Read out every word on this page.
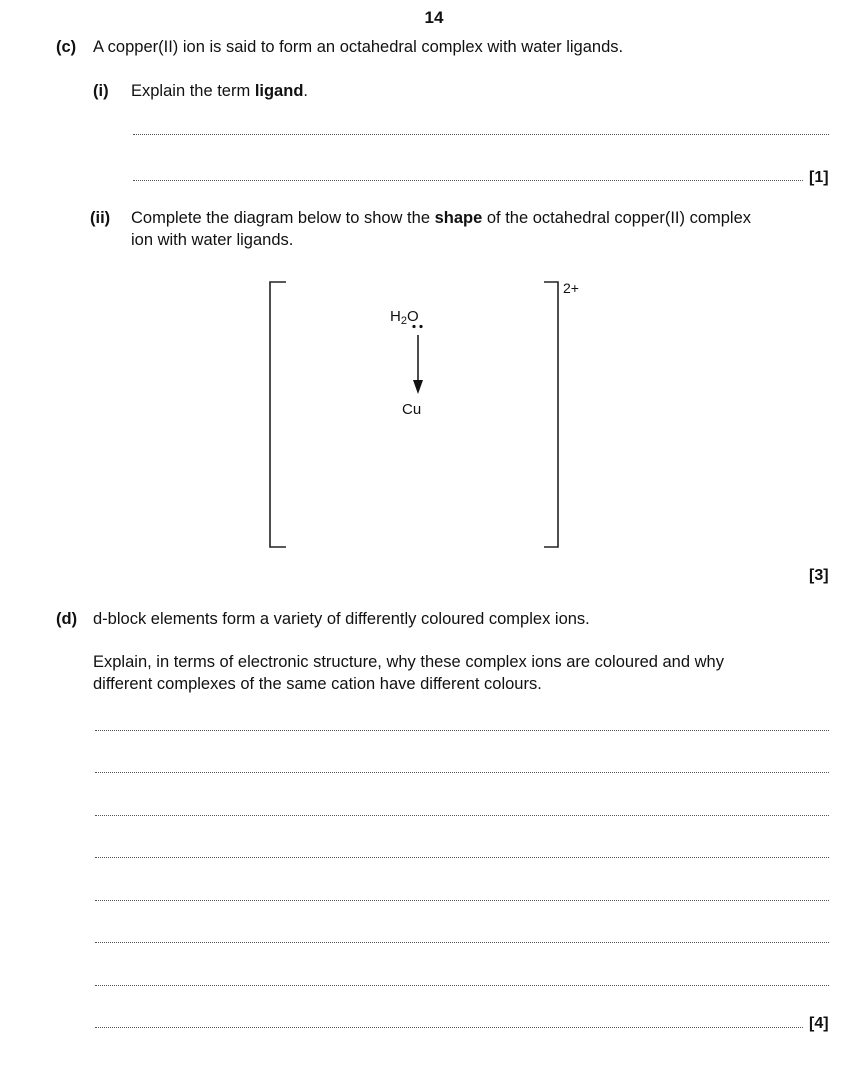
14
(c) A copper(II) ion is said to form an octahedral complex with water ligands.
(i) Explain the term ligand.
[1]
(ii) Complete the diagram below to show the shape of the octahedral copper(II) complex
ion with water ligands.
2+
$H_2O$
Cu
[3]
(d) d-block elements form a variety of differently coloured complex ions.
Explain, in terms of electronic structure, why these complex ions are coloured and why
different complexes of the same cation have different colours.
[4]
